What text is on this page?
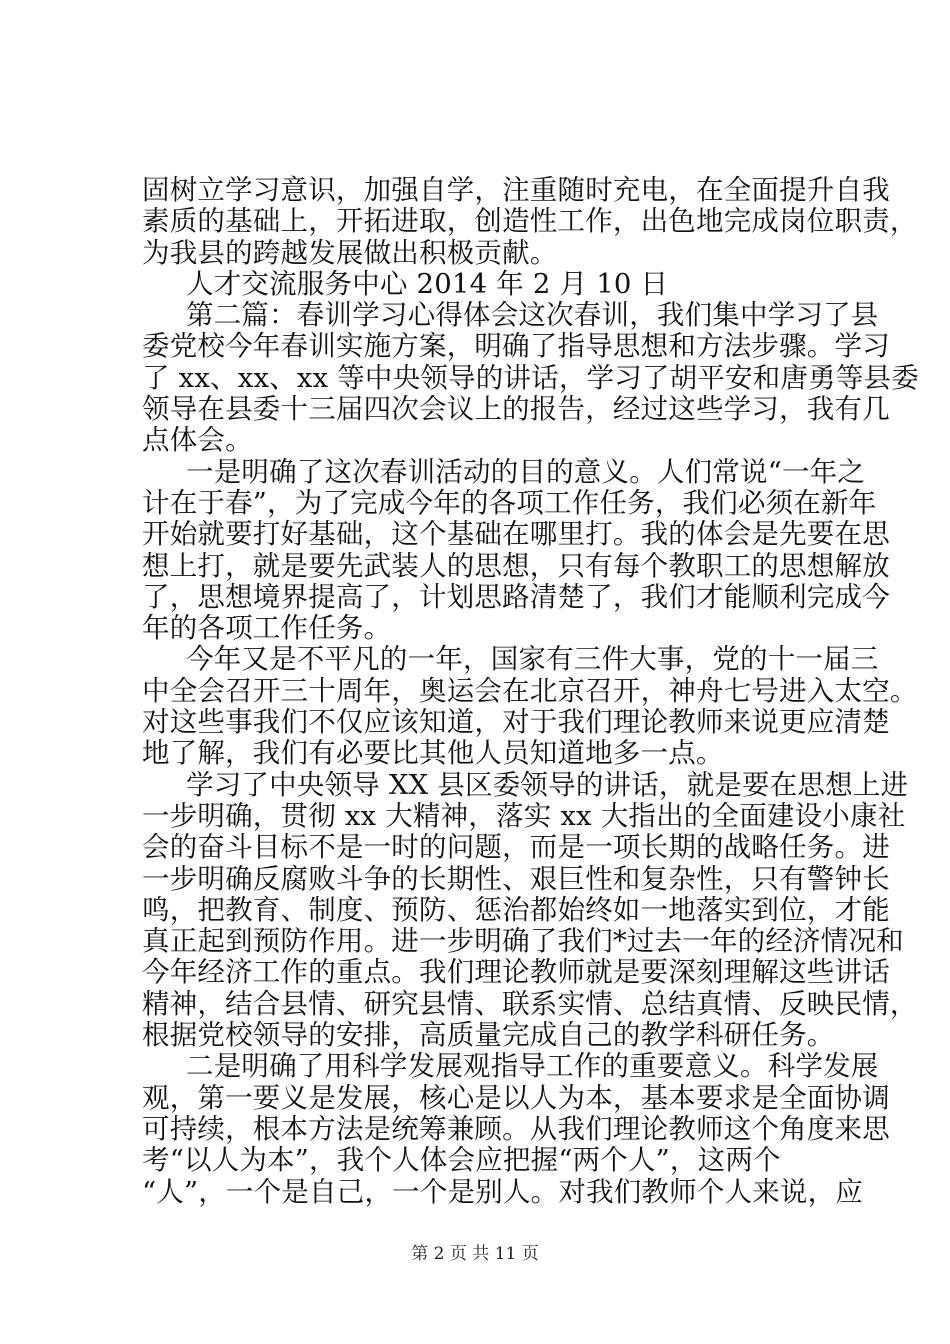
固树立学习意识，加强自学，注重随时充电，在全面提升自我
素质的基础上，开拓进取，创造性工作，出色地完成岗位职责，
为我县的跨越发展做出积极贡献。
人才交流服务中心 2014 年 2 月 10 日
第二篇：春训学习心得体会这次春训，我们集中学习了县
委党校今年春训实施方案，明确了指导思想和方法步骤。学习
了 xx、xx、xx 等中央领导的讲话，学习了胡平安和唐勇等县委
领导在县委十三届四次会议上的报告，经过这些学习，我有几
点体会。
一是明确了这次春训活动的目的意义。人们常说“一年之
计在于春”，为了完成今年的各项工作任务，我们必须在新年
开始就要打好基础，这个基础在哪里打。我的体会是先要在思
想上打，就是要先武装人的思想，只有每个教职工的思想解放
了，思想境界提高了，计划思路清楚了，我们才能顺利完成今
年的各项工作任务。
今年又是不平凡的一年，国家有三件大事，党的十一届三
中全会召开三十周年，奥运会在北京召开，神舟七号进入太空。
对这些事我们不仅应该知道，对于我们理论教师来说更应清楚
地了解，我们有必要比其他人员知道地多一点。
学习了中央领导 XX 县区委领导的讲话，就是要在思想上进
一步明确，贯彻 xx 大精神，落实 xx 大指出的全面建设小康社
会的奋斗目标不是一时的问题，而是一项长期的战略任务。进
一步明确反腐败斗争的长期性、艰巨性和复杂性，只有警钟长
鸣，把教育、制度、预防、惩治都始终如一地落实到位，才能
真正起到预防作用。进一步明确了我们*过去一年的经济情况和
今年经济工作的重点。我们理论教师就是要深刻理解这些讲话
精神，结合县情、研究县情、联系实情、总结真情、反映民情，
根据党校领导的安排，高质量完成自己的教学科研任务。
二是明确了用科学发展观指导工作的重要意义。科学发展
观，第一要义是发展，核心是以人为本，基本要求是全面协调
可持续，根本方法是统筹兼顾。从我们理论教师这个角度来思
考“以人为本”，我个人体会应把握“两个人”，这两个
“人”，一个是自己，一个是别人。对我们教师个人来说，应
第 2 页 共 11 页
